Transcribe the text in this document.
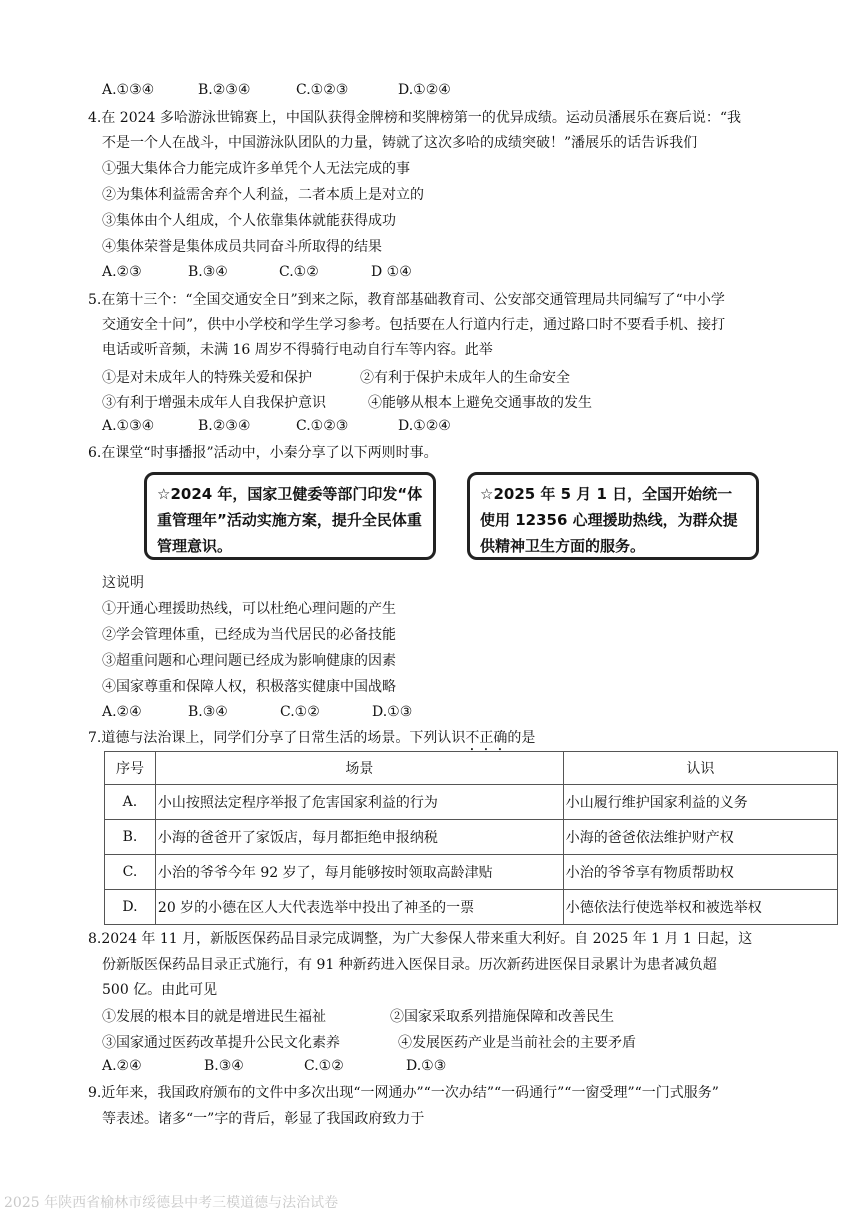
A.①③④	B.②③④	C.①②③	D.①②④
4.在 2024 多哈游泳世锦赛上，中国队获得金牌榜和奖牌榜第一的优异成绩。运动员潘展乐在赛后说：“我
不是一个人在战斗，中国游泳队团队的力量，铸就了这次多哈的成绩突破！”潘展乐的话告诉我们
①强大集体合力能完成许多单凭个人无法完成的事
②为集体利益需舍弃个人利益，二者本质上是对立的
③集体由个人组成，个人依靠集体就能获得成功
④集体荣誉是集体成员共同奋斗所取得的结果
A.②③	B.③④	C.①②	D ①④
5.在第十三个：“全国交通安全日”到来之际，教育部基础教育司、公安部交通管理局共同编写了“中小学
交通安全十问”，供中小学校和学生学习参考。包括要在人行道内行走，通过路口时不要看手机、接打
电话或听音频，未满 16 周岁不得骑行电动自行车等内容。此举
①是对未成年人的特殊关爱和保护	②有利于保护未成年人的生命安全
③有利于增强未成年人自我保护意识	④能够从根本上避免交通事故的发生
A.①③④	B.②③④	C.①②③	D.①②④
6.在课堂“时事播报”活动中，小秦分享了以下两则时事。
☆2024 年，国家卫健委等部门印发“体重管理年”活动实施方案，提升全民体重管理意识。
☆2025 年 5 月 1 日，全国开始统一使用 12356 心理援助热线，为群众提供精神卫生方面的服务。
这说明
①开通心理援助热线，可以杜绝心理问题的产生
②学会管理体重，已经成为当代居民的必备技能
③超重问题和心理问题已经成为影响健康的因素
④国家尊重和保障人权，积极落实健康中国战略
A.②④	B.③④	C.①②	D.①③
7.道德与法治课上，同学们分享了日常生活的场景。下列认识不正确的是
序号	场景	认识
A.	小山按照法定程序举报了危害国家利益的行为	小山履行维护国家利益的义务
B.	小海的爸爸开了家饭店，每月都拒绝申报纳税	小海的爸爸依法维护财产权
C.	小治的爷爷今年 92 岁了，每月能够按时领取高龄津贴	小治的爷爷享有物质帮助权
D.	20 岁的小德在区人大代表选举中投出了神圣的一票	小德依法行使选举权和被选举权
8.2024 年 11 月，新版医保药品目录完成调整，为广大参保人带来重大利好。自 2025 年 1 月 1 日起，这
份新版医保药品目录正式施行，有 91 种新药进入医保目录。历次新药进医保目录累计为患者减负超
500 亿。由此可见
①发展的根本目的就是增进民生福祉	②国家采取系列措施保障和改善民生
③国家通过医药改革提升公民文化素养	④发展医药产业是当前社会的主要矛盾
A.②④	B.③④	C.①②	D.①③
9.近年来，我国政府颁布的文件中多次出现“一网通办”“一次办结”“一码通行”“一窗受理”“一门式服务”
等表述。诸多“一”字的背后，彰显了我国政府致力于
2025 年陕西省榆林市绥德县中考三模道德与法治试卷
